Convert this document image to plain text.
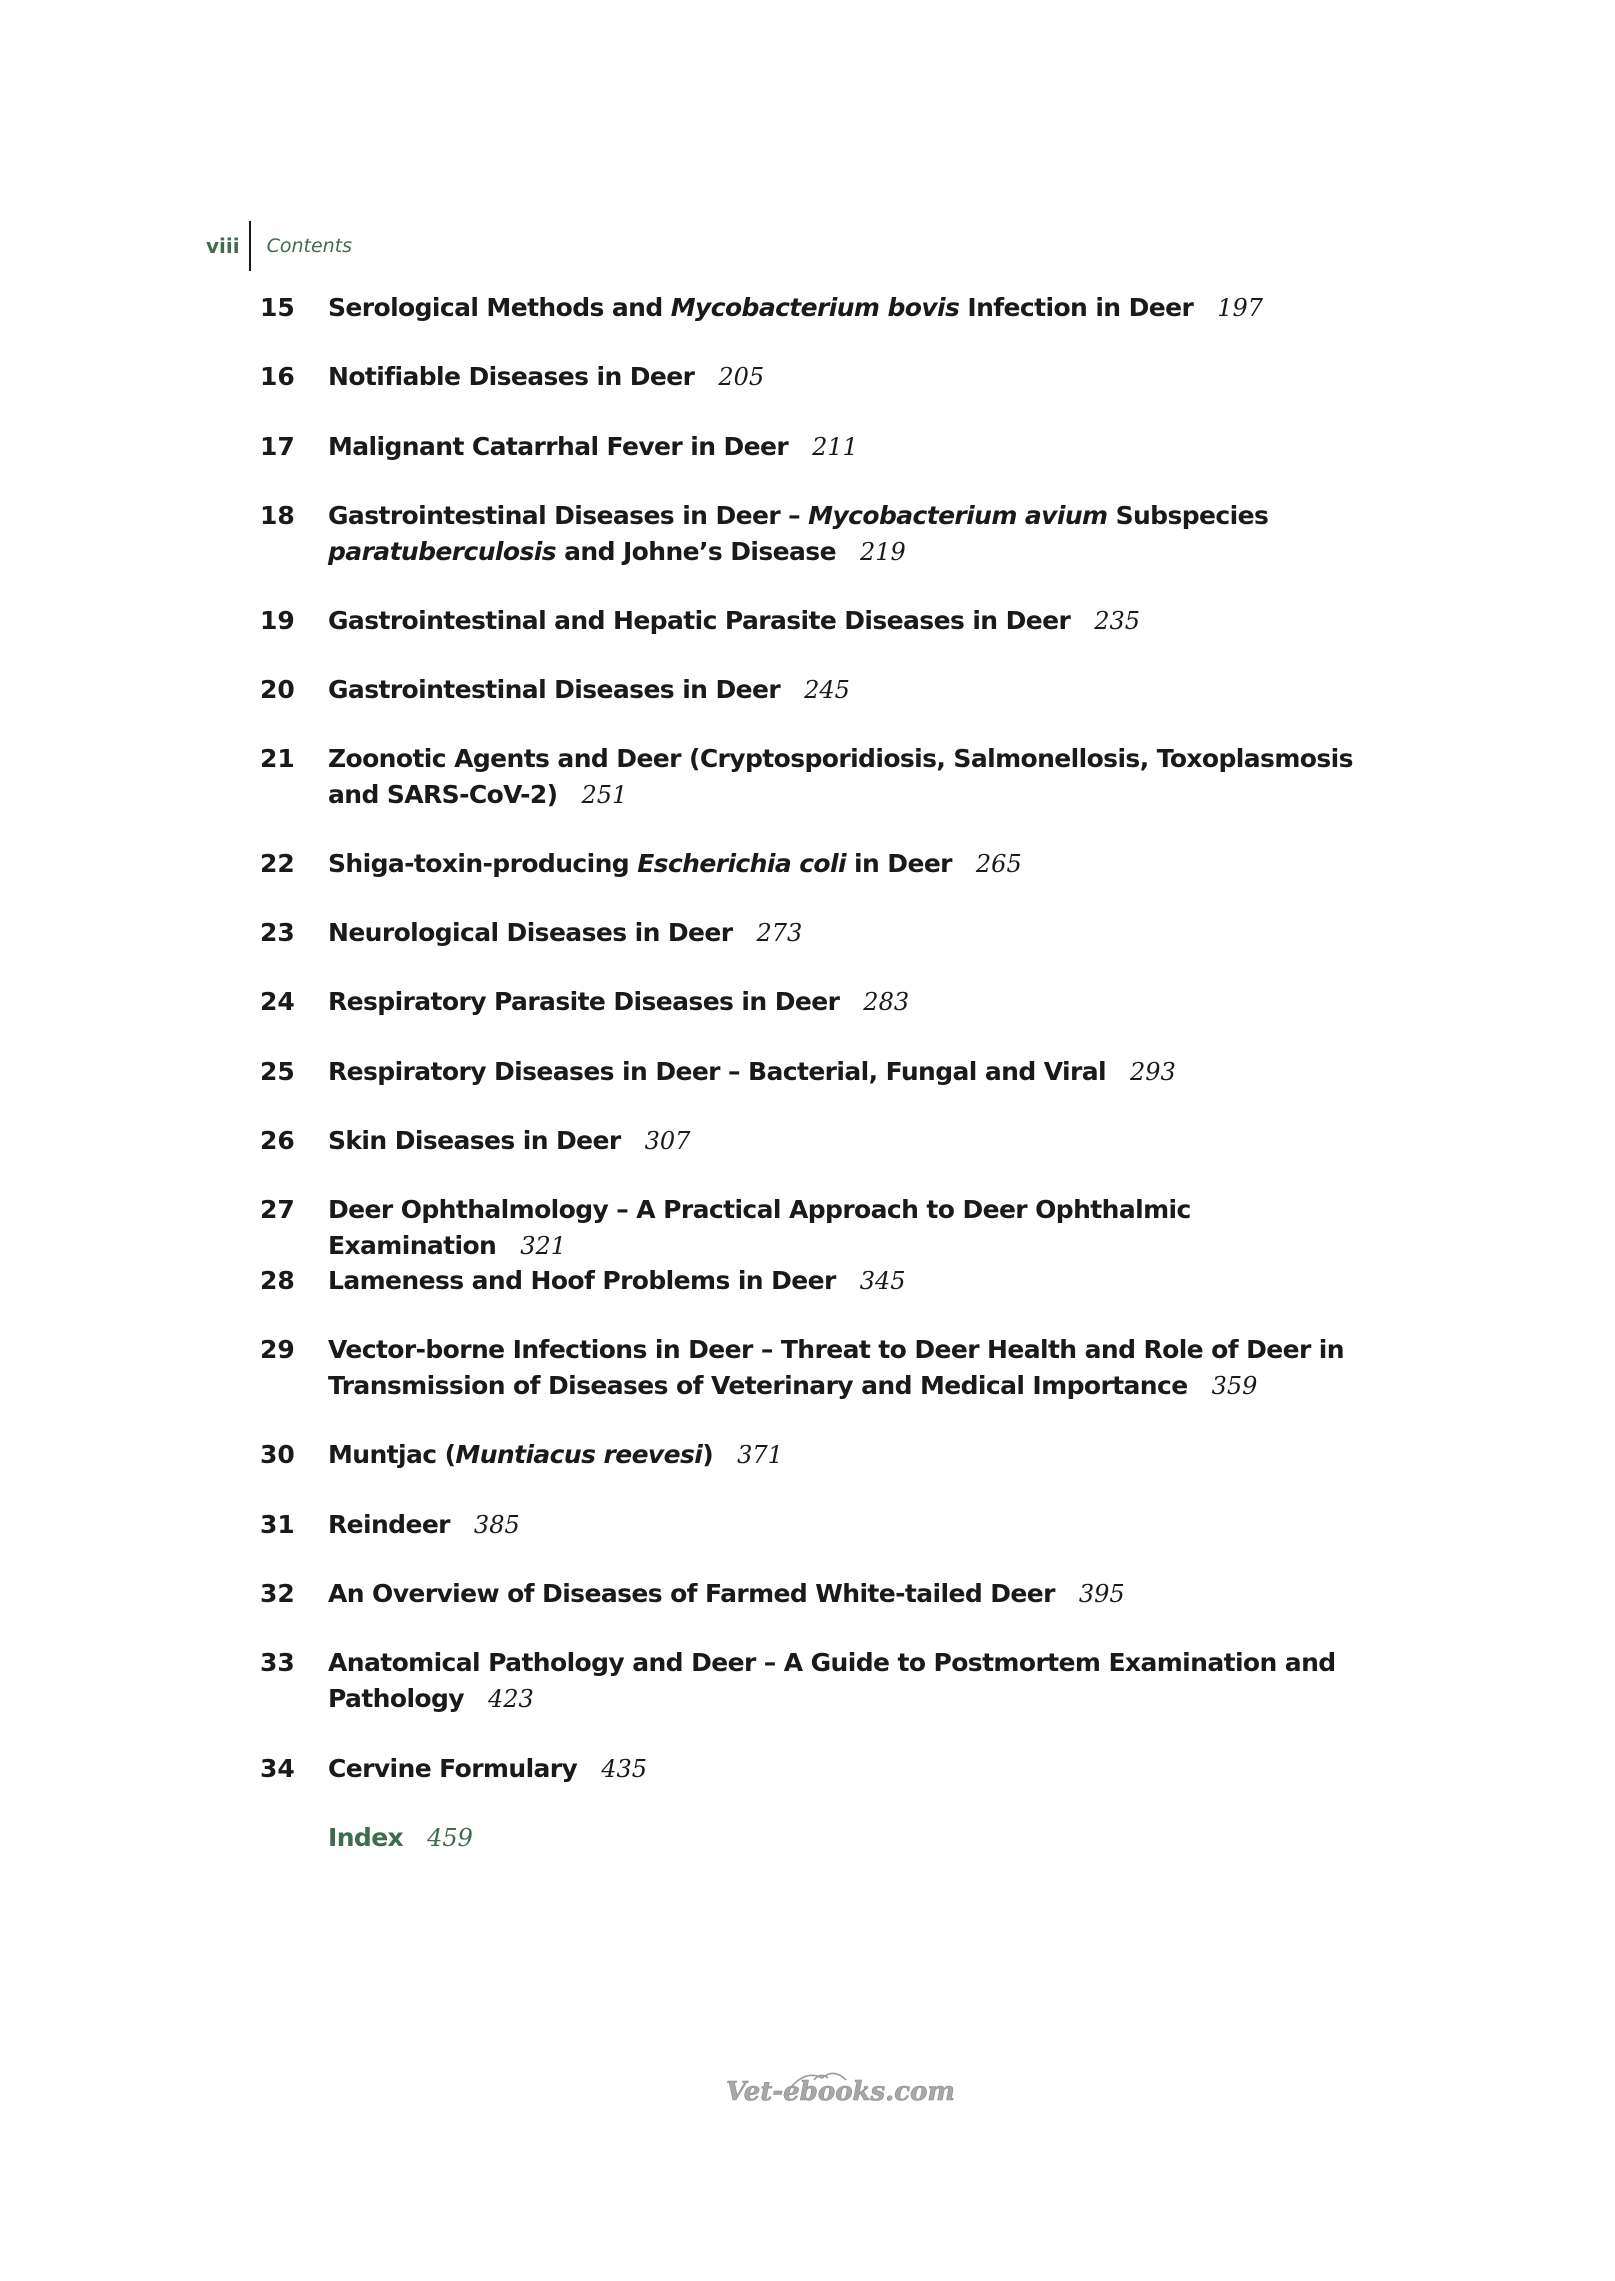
viii Contents
15	Serological Methods and Mycobacterium bovis Infection in Deer 197
16	Notifiable Diseases in Deer 205
17	Malignant Catarrhal Fever in Deer 211
18	Gastrointestinal Diseases in Deer – Mycobacterium avium Subspecies paratuberculosis and Johne’s Disease 219
19	Gastrointestinal and Hepatic Parasite Diseases in Deer 235
20	Gastrointestinal Diseases in Deer 245
21	Zoonotic Agents and Deer (Cryptosporidiosis, Salmonellosis, Toxoplasmosis and SARS-CoV-2) 251
22	Shiga-toxin-producing Escherichia coli in Deer 265
23	Neurological Diseases in Deer 273
24	Respiratory Parasite Diseases in Deer 283
25	Respiratory Diseases in Deer – Bacterial, Fungal and Viral 293
26	Skin Diseases in Deer 307
27	Deer Ophthalmology – A Practical Approach to Deer Ophthalmic Examination 321
28	Lameness and Hoof Problems in Deer 345
29	Vector-borne Infections in Deer – Threat to Deer Health and Role of Deer in Transmission of Diseases of Veterinary and Medical Importance 359
30	Muntjac (Muntiacus reevesi) 371
31	Reindeer 385
32	An Overview of Diseases of Farmed White-tailed Deer 395
33	Anatomical Pathology and Deer – A Guide to Postmortem Examination and Pathology 423
34	Cervine Formulary 435
Index 459
Vet-ebooks.com
